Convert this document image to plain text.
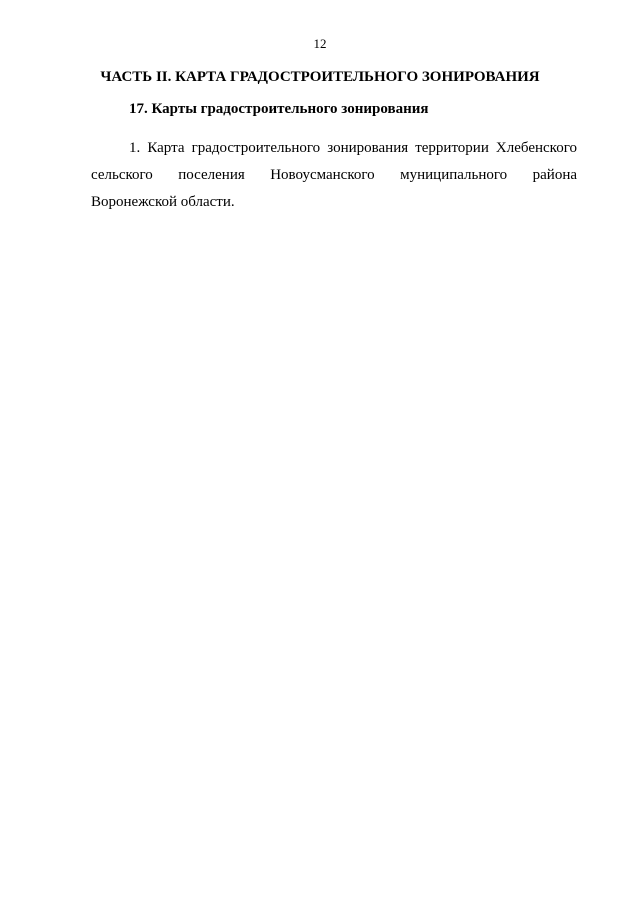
12
ЧАСТЬ II. КАРТА ГРАДОСТРОИТЕЛЬНОГО ЗОНИРОВАНИЯ
17. Карты градостроительного зонирования

1. Карта градостроительного зонирования территории Хлебенского сельского поселения Новоусманского муниципального района Воронежской области.
